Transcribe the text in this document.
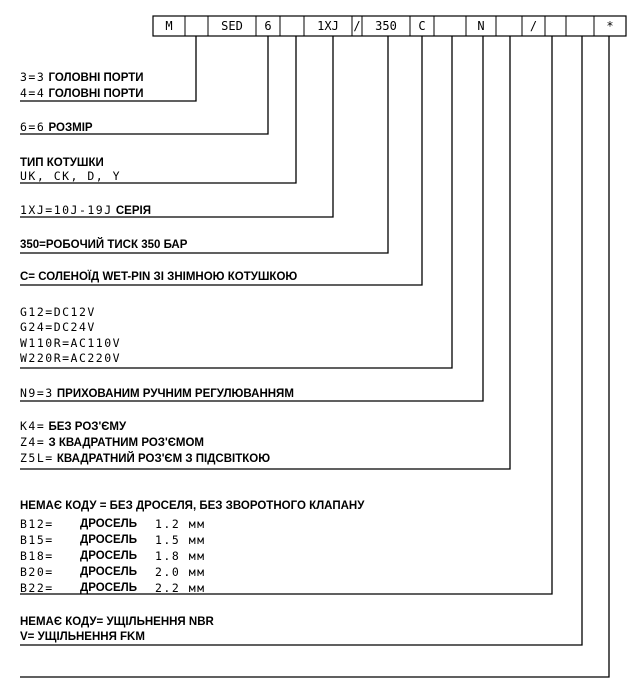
M	SED	6	1XJ	/	350	C	N	/	*
3=3 ГОЛОВНІ ПОРТИ
4=4 ГОЛОВНІ ПОРТИ
6=6 РОЗМІР
ТИП КОТУШКИ
UK, CK, D, Y
1XJ=10J-19J СЕРІЯ
350=РОБОЧИЙ ТИСК 350 БАР
C= СОЛЕНОЇД WET-PIN ЗІ ЗНІМНОЮ КОТУШКОЮ
G12=DC12V
G24=DC24V
W110R=AC110V
W220R=AC220V
N9=3 ПРИХОВАНИМ РУЧНИМ РЕГУЛЮВАННЯМ
K4= БЕЗ РОЗ'ЄМУ
Z4= З КВАДРАТНИМ РОЗ'ЄМОМ
Z5L= КВАДРАТНИЙ РОЗ'ЄМ З ПІДСВІТКОЮ
НЕМАЄ КОДУ = БЕЗ ДРОСЕЛЯ, БЕЗ ЗВОРОТНОГО КЛАПАНУ
B12=	ДРОСЕЛЬ	1.2 мм
B15=	ДРОСЕЛЬ	1.5 мм
B18=	ДРОСЕЛЬ	1.8 мм
B20=	ДРОСЕЛЬ	2.0 мм
B22=	ДРОСЕЛЬ	2.2 мм
НЕМАЄ КОДУ= УЩІЛЬНЕННЯ NBR
V= УЩІЛЬНЕННЯ FKM
